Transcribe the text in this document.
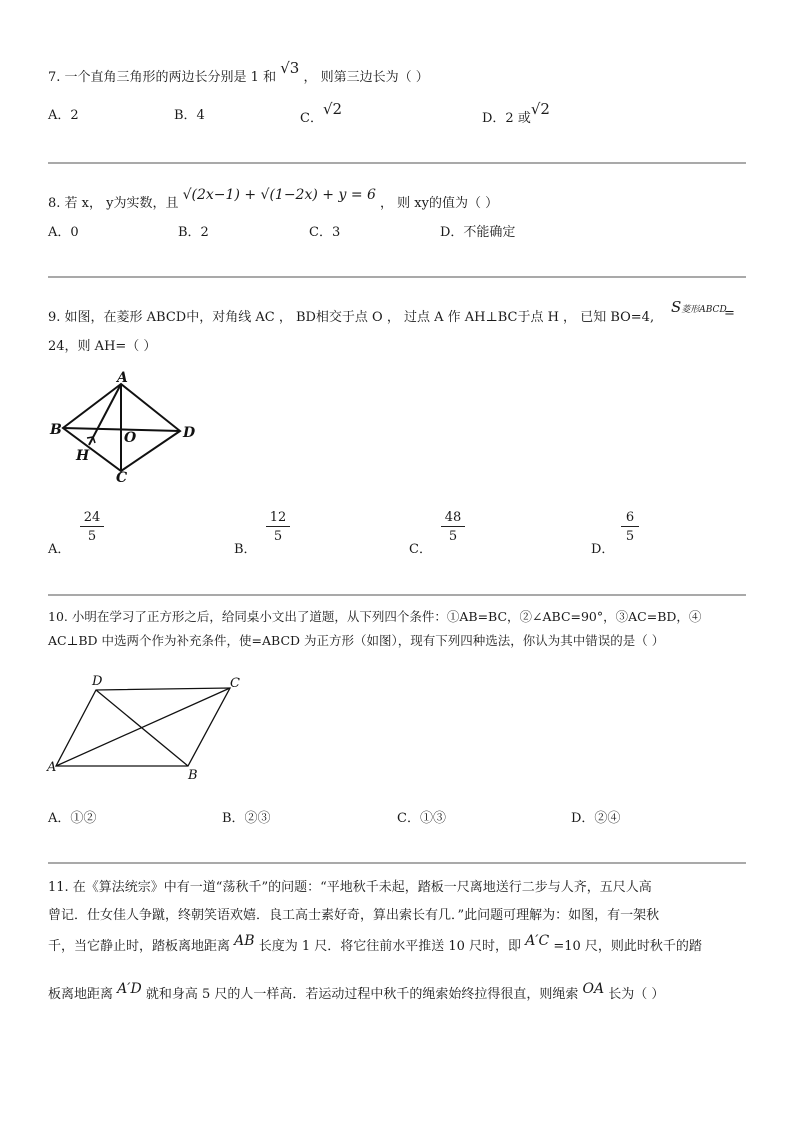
7. 一个直角三角形的两边长分别是 1 和 √3 ， 则第三边长为（ ）
A．2	B．4	C．√2
D．2 或√2
8. 若 x， y为实数，且 √(2x−1) + √(1−2x) + y = 6 ， 则 xy的值为（ ）
A．0	B．2	C．3	D．不能确定
9. 如图，在菱形 ABCD中，对角线 AC ， BD相交于点 O ， 过点 A 作 AH⊥BC于点 H ， 已知 BO=4,
S菱形ABCD
=
24，则 AH=（ ）
A
B
C
D
O
H
A．
$\frac{24}{5}$
B．
$\frac{12}{5}$
C．
$\frac{48}{5}$
D．
$\frac{6}{5}$
10. 小明在学习了正方形之后，给同桌小文出了道题，从下列四个条件：①AB=BC，②∠ABC=90°，③AC=BD，④
AC⊥BD 中选两个作为补充条件，使=ABCD 为正方形（如图），现有下列四种选法，你认为其中错误的是（ ）
A
B
C
D
A．①②	B．②③	C．①③	D．②④
11. 在《算法统宗》中有一道“荡秋千”的问题：“平地秋千未起，踏板一尺离地送行二步与人齐，五尺人高
曾记．仕女佳人争蹴，终朝笑语欢嬉．良工高士素好奇，算出索长有几．”此问题可理解为：如图，有一架秋
千，当它静止时，踏板离地距离 AB 长度为 1 尺．将它往前水平推送 10 尺时，即 A′C =10 尺，则此时秋千的踏
板离地距离 A′D 就和身高 5 尺的人一样高．若运动过程中秋千的绳索始终拉得很直，则绳索 OA 长为（ ）
